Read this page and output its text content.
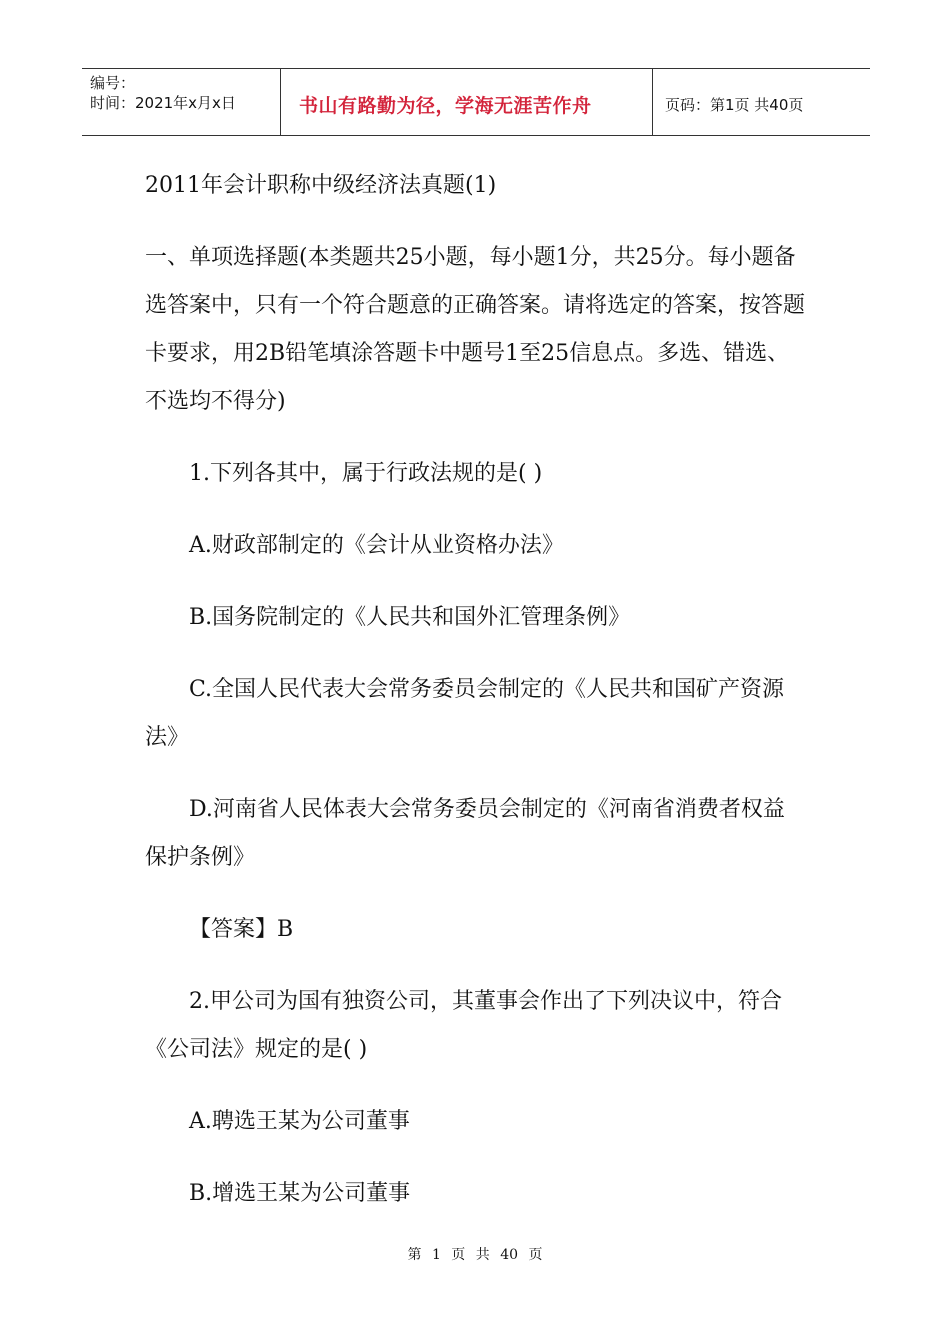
编号：
时间：2021年x月x日	书山有路勤为径，学海无涯苦作舟	页码：第1页 共40页
2011年会计职称中级经济法真题(1)

一、单项选择题(本类题共25小题，每小题1分，共25分。每小题备选答案中，只有一个符合题意的正确答案。请将选定的答案，按答题卡要求，用2B铅笔填涂答题卡中题号1至25信息点。多选、错选、不选均不得分)

1.下列各其中，属于行政法规的是( )

A.财政部制定的《会计从业资格办法》

B.国务院制定的《人民共和国外汇管理条例》

C.全国人民代表大会常务委员会制定的《人民共和国矿产资源法》

D.河南省人民体表大会常务委员会制定的《河南省消费者权益保护条例》

【答案】B

2.甲公司为国有独资公司，其董事会作出了下列决议中，符合《公司法》规定的是( )

A.聘选王某为公司董事

B.增选王某为公司董事

第 1 页 共 40 页
